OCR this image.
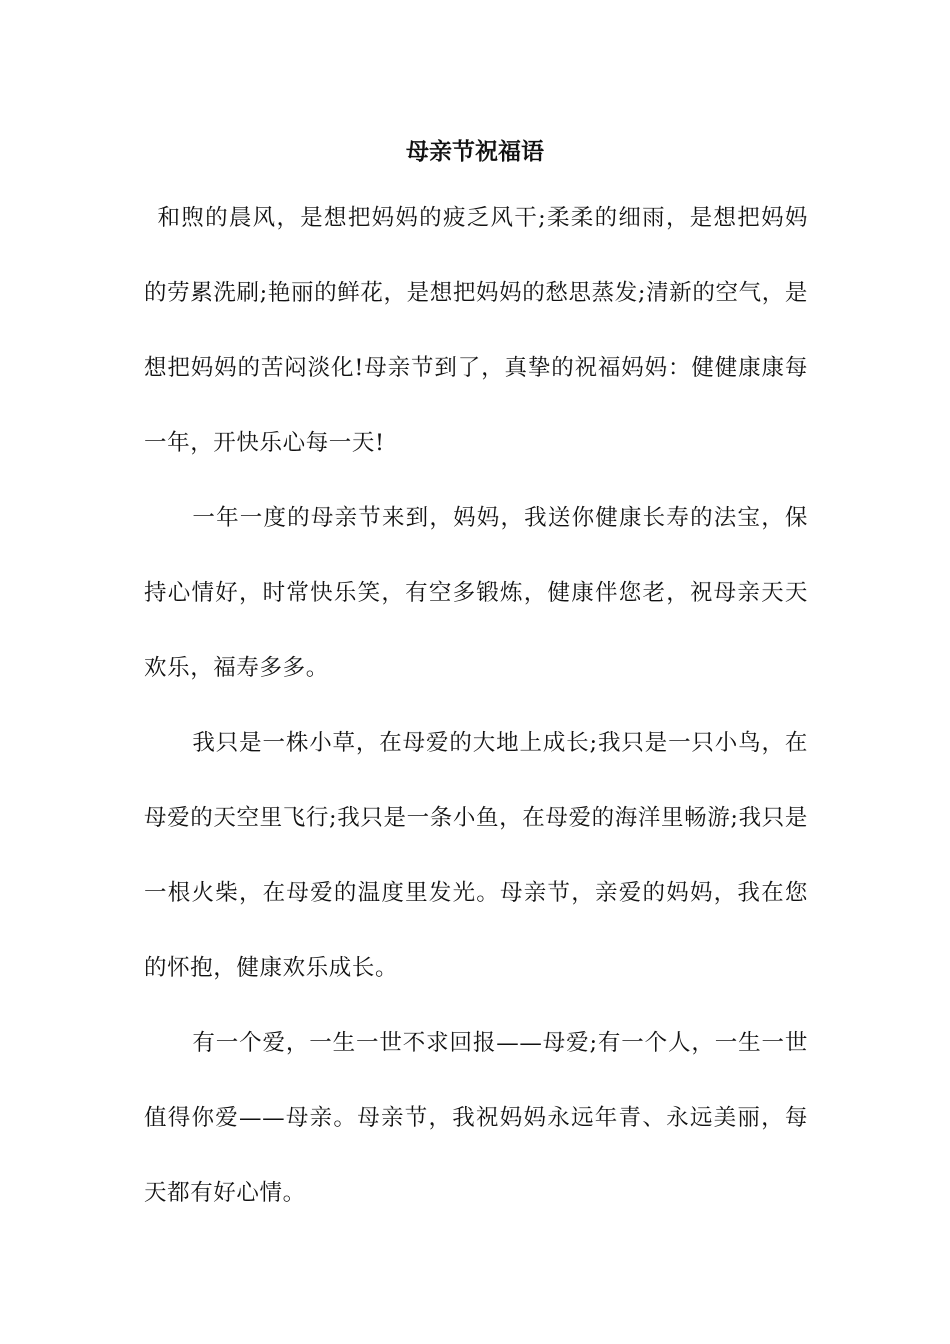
母亲节祝福语

和煦的晨风，是想把妈妈的疲乏风干;柔柔的细雨，是想把妈妈的劳累洗刷;艳丽的鲜花，是想把妈妈的愁思蒸发;清新的空气，是想把妈妈的苦闷淡化!母亲节到了，真挚的祝福妈妈：健健康康每一年，开快乐心每一天!

一年一度的母亲节来到，妈妈，我送你健康长寿的法宝，保持心情好，时常快乐笑，有空多锻炼，健康伴您老，祝母亲天天欢乐，福寿多多。

我只是一株小草，在母爱的大地上成长;我只是一只小鸟，在母爱的天空里飞行;我只是一条小鱼，在母爱的海洋里畅游;我只是一根火柴，在母爱的温度里发光。母亲节，亲爱的妈妈，我在您的怀抱，健康欢乐成长。

有一个爱，一生一世不求回报——母爱;有一个人，一生一世值得你爱——母亲。母亲节，我祝妈妈永远年青、永远美丽，每天都有好心情。
